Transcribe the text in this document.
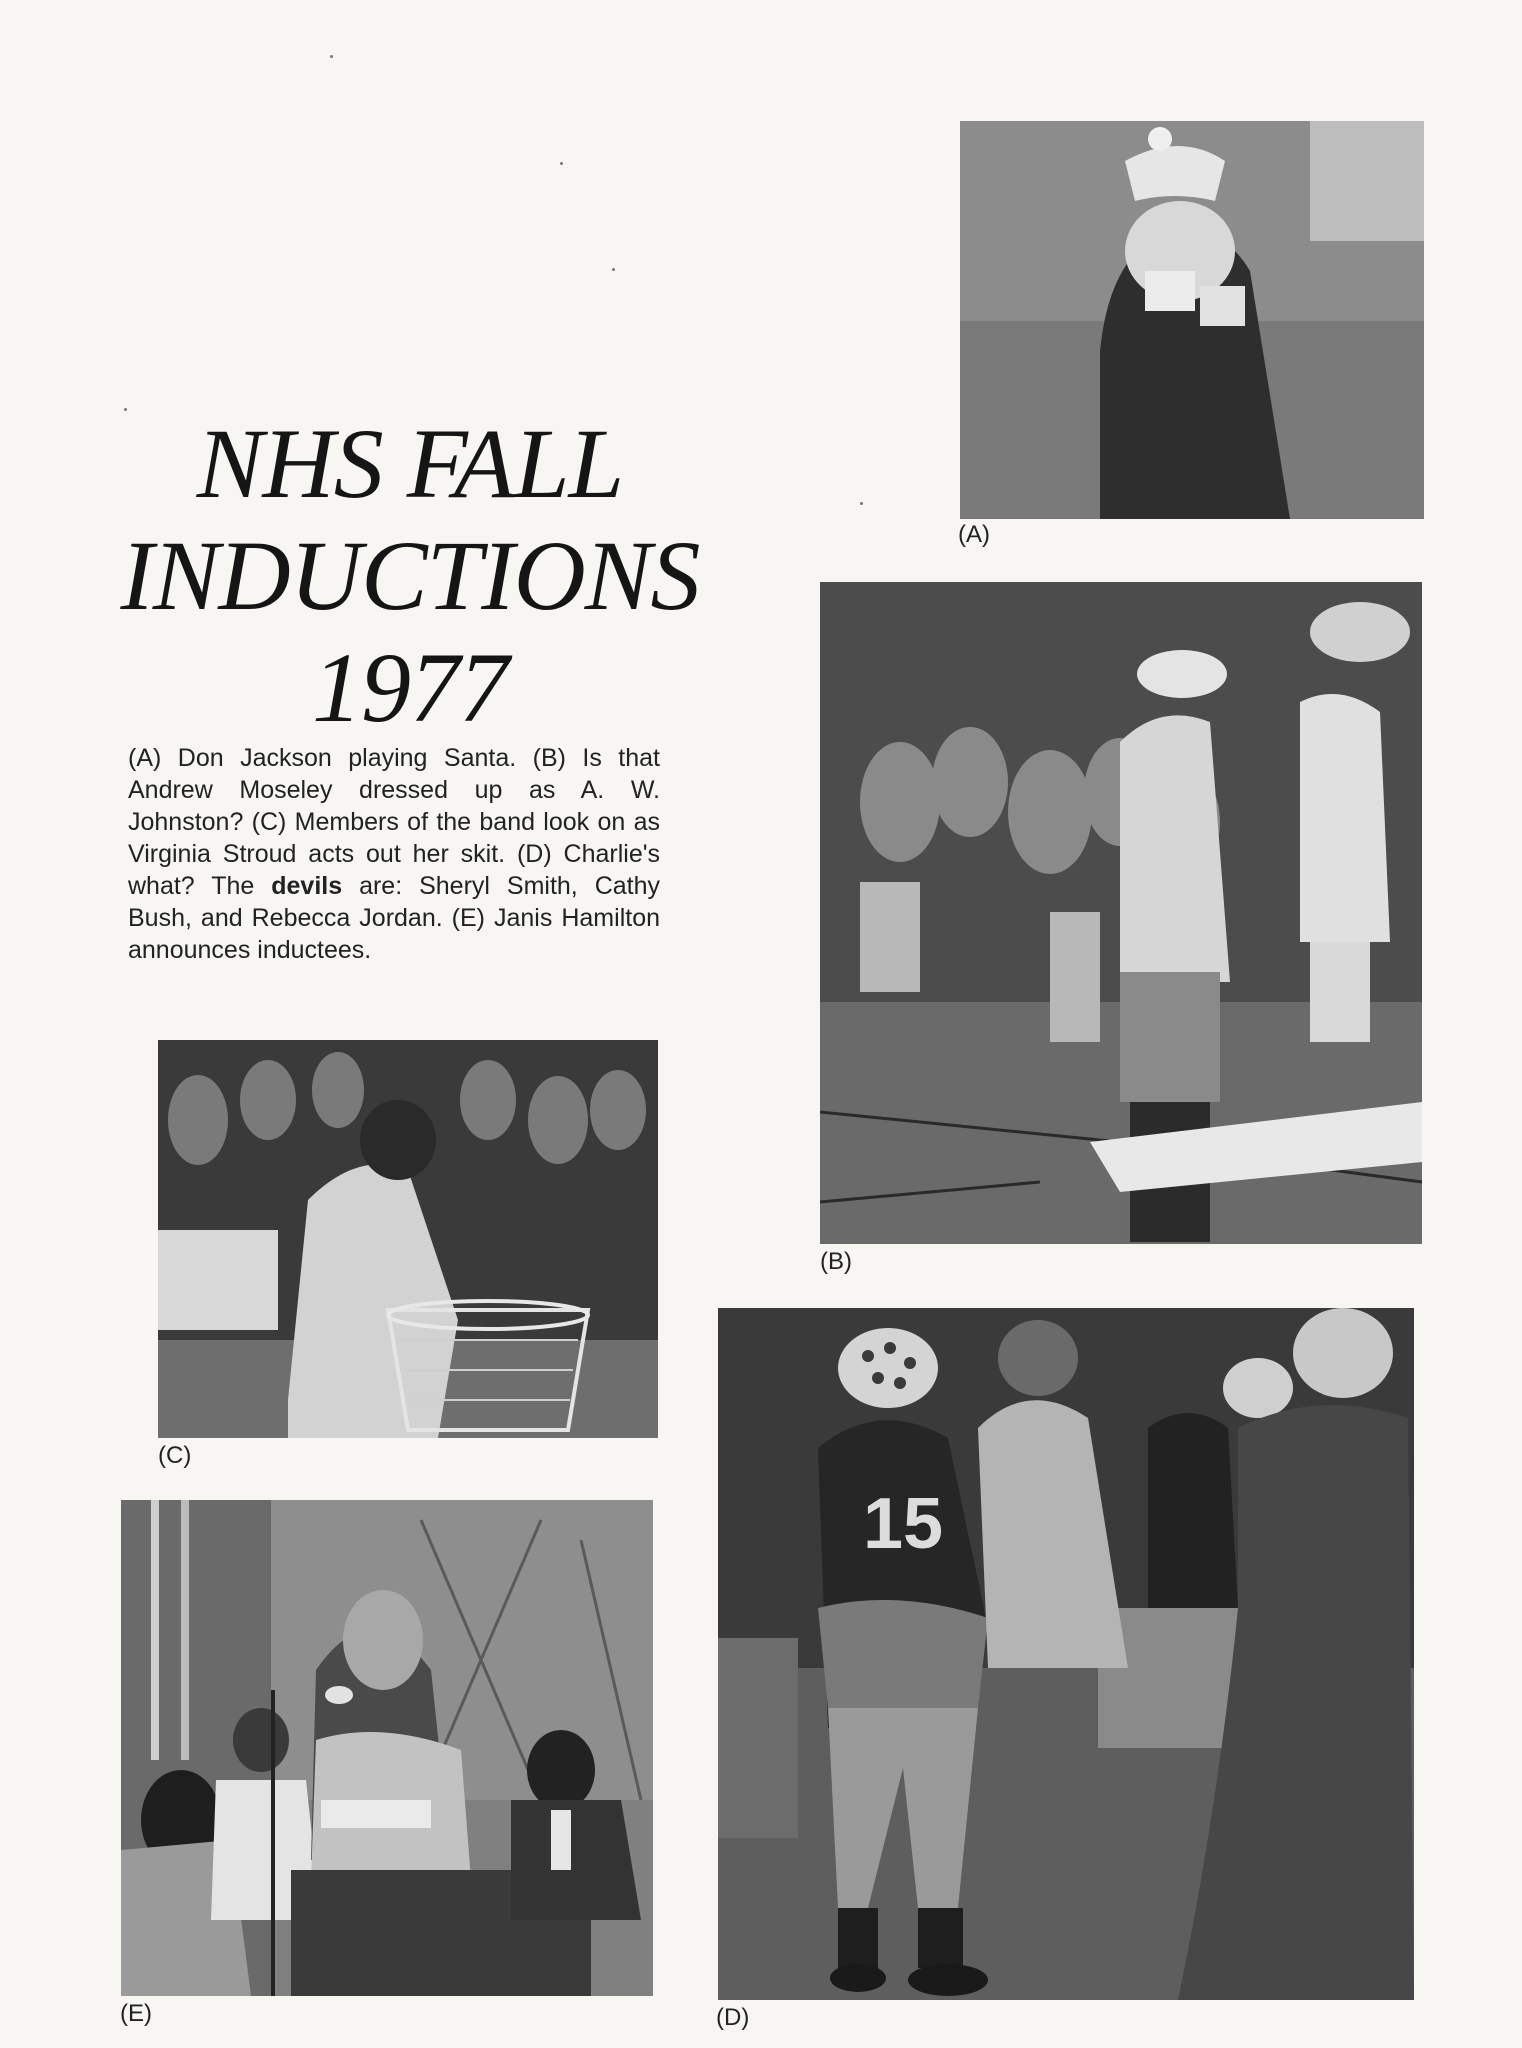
NHS FALL
INDUCTIONS
1977
(A) Don Jackson playing Santa. (B) Is that Andrew Moseley dressed up as A. W. Johnston? (C) Members of the band look on as Virginia Stroud acts out her skit. (D) Charlie's what? The devils are: Sheryl Smith, Cathy Bush, and Rebecca Jordan. (E) Janis Hamilton announces inductees.
(A)
(B)
(C)
15
(D)
(E)
